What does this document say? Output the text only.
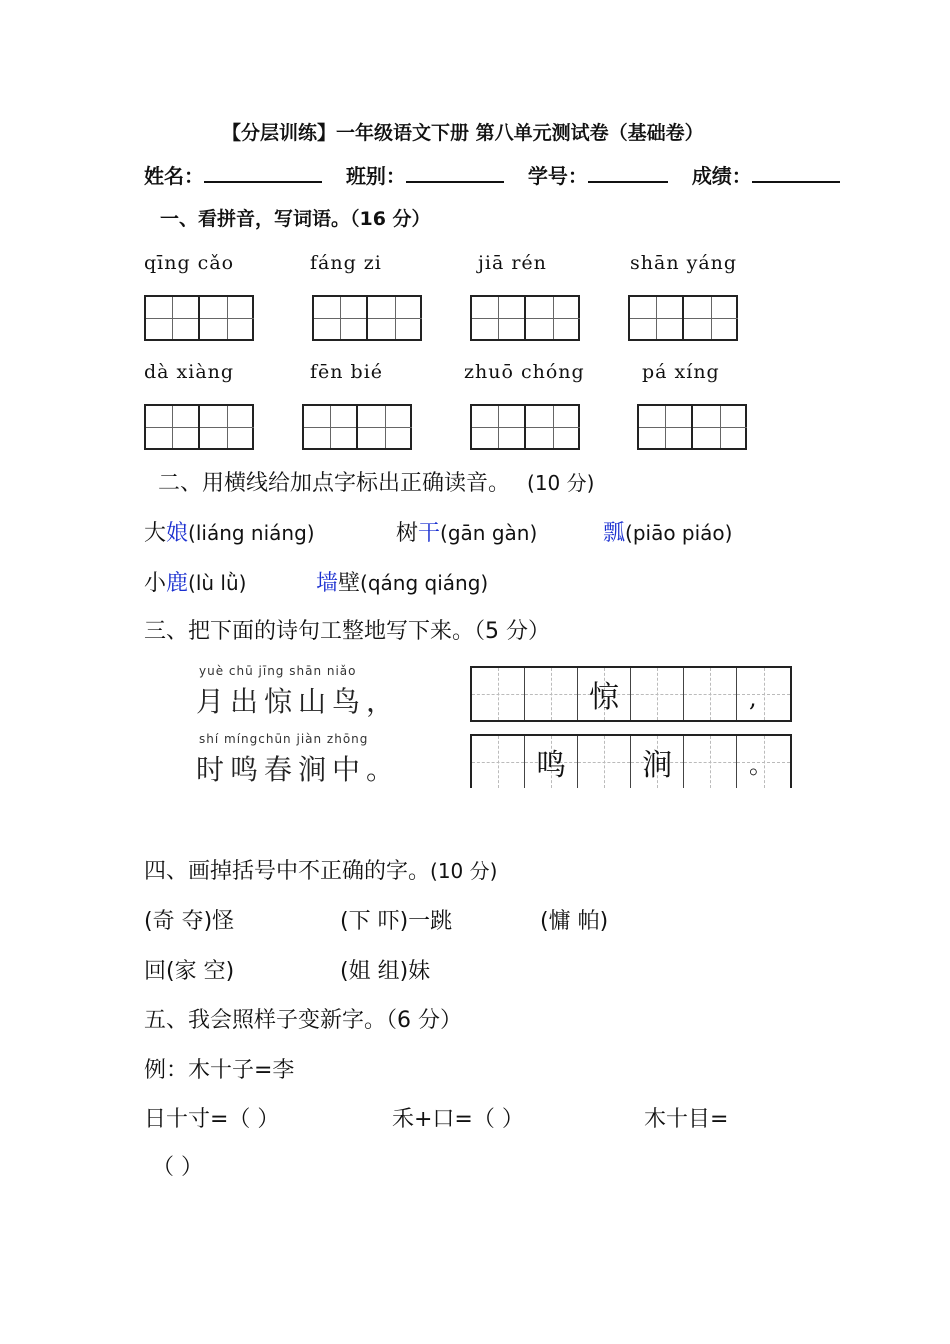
【分层训练】一年级语文下册 第八单元测试卷（基础卷）
姓名：	班别：	学号：	成绩：
一、看拼音，写词语。（16 分）
qīng cǎo	fáng zi	jiā rén	shān yáng
dà xiàng	fēn bié	zhuō chóng	pá xíng
二、用横线给加点字标出正确读音。 (10 分)
大娘(liáng niáng)	树干(gān gàn)	瓢(piāo piáo)
小鹿(lù lǜ)	墙壁(qáng qiáng)
三、把下面的诗句工整地写下来。（5 分）
yuè chū jīng shān niǎo
月出惊山鸟，
shí míngchūn jiàn zhōng
时鸣春涧中。
惊	,
鸣	涧	。
四、画掉括号中不正确的字。(10 分)
(奇 夺)怪	(下 吓)一跳	(慵 帕)
回(家 空)	(姐 组)妹
五、我会照样子变新字。（6 分）
例：木十子=李
日十寸=（ ）	禾+口=（ ）	木十目=
（ ）
